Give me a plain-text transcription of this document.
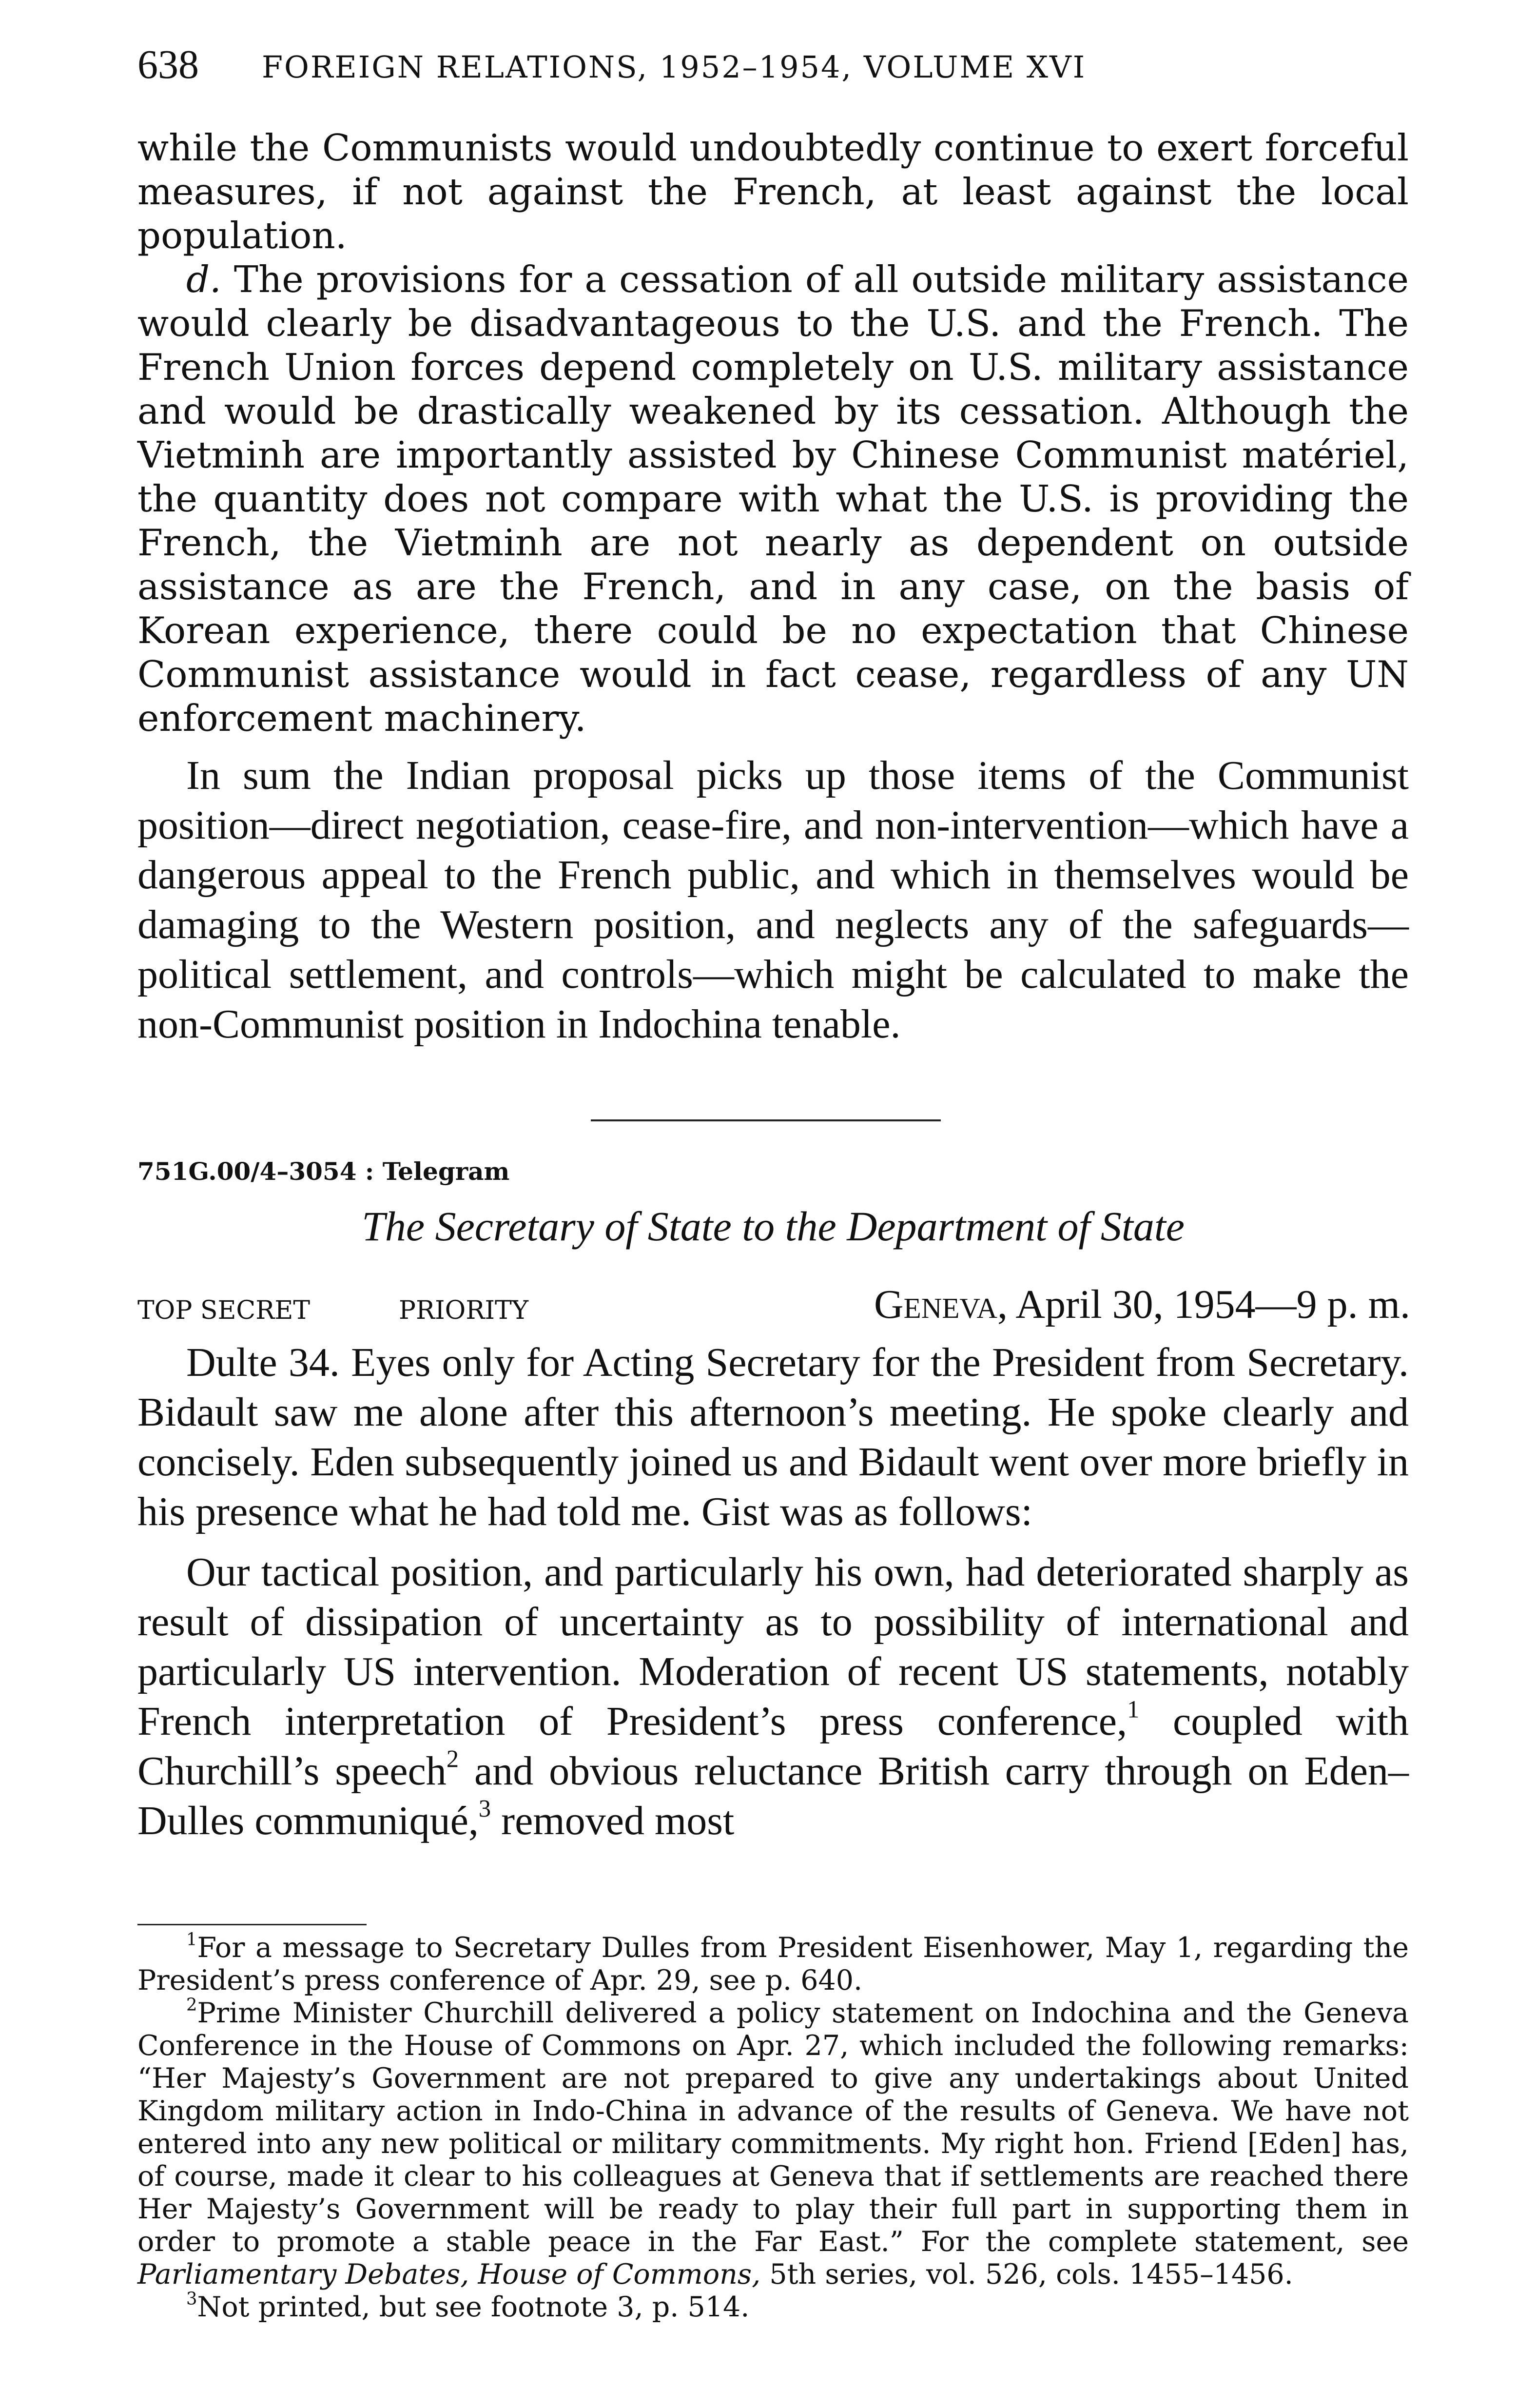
638 FOREIGN RELATIONS, 1952–1954, VOLUME XVI

while the Communists would undoubtedly continue to exert forceful measures, if not against the French, at least against the local population.

d. The provisions for a cessation of all outside military assistance would clearly be disadvantageous to the U.S. and the French. The French Union forces depend completely on U.S. military assistance and would be drastically weakened by its cessation. Although the Vietminh are importantly assisted by Chinese Communist matériel, the quantity does not compare with what the U.S. is providing the French, the Vietminh are not nearly as dependent on outside assistance as are the French, and in any case, on the basis of Korean experience, there could be no expectation that Chinese Communist assistance would in fact cease, regardless of any UN enforcement machinery.

In sum the Indian proposal picks up those items of the Communist position—direct negotiation, cease-fire, and non-intervention—which have a dangerous appeal to the French public, and which in themselves would be damaging to the Western position, and neglects any of the safeguards—political settlement, and controls—which might be calculated to make the non-Communist position in Indochina tenable.

751G.00/4–3054 : Telegram
The Secretary of State to the Department of State
TOP SECRET	PRIORITY	Geneva, April 30, 1954—9 p. m.

Dulte 34. Eyes only for Acting Secretary for the President from Secretary. Bidault saw me alone after this afternoon’s meeting. He spoke clearly and concisely. Eden subsequently joined us and Bidault went over more briefly in his presence what he had told me. Gist was as follows:

Our tactical position, and particularly his own, had deteriorated sharply as result of dissipation of uncertainty as to possibility of international and particularly US intervention. Moderation of recent US statements, notably French interpretation of President’s press conference,$^1$ coupled with Churchill’s speech$^2$ and obvious reluctance British carry through on Eden–Dulles communiqué,$^3$ removed most

$^1$For a message to Secretary Dulles from President Eisenhower, May 1, regarding the President’s press conference of Apr. 29, see p. 640.

$^2$Prime Minister Churchill delivered a policy statement on Indochina and the Geneva Conference in the House of Commons on Apr. 27, which included the following remarks: “Her Majesty’s Government are not prepared to give any undertakings about United Kingdom military action in Indo-China in advance of the results of Geneva. We have not entered into any new political or military commitments. My right hon. Friend [Eden] has, of course, made it clear to his colleagues at Geneva that if settlements are reached there Her Majesty’s Government will be ready to play their full part in supporting them in order to promote a stable peace in the Far East.” For the complete statement, see Parliamentary Debates, House of Commons, 5th series, vol. 526, cols. 1455–1456.

$^3$Not printed, but see footnote 3, p. 514.
